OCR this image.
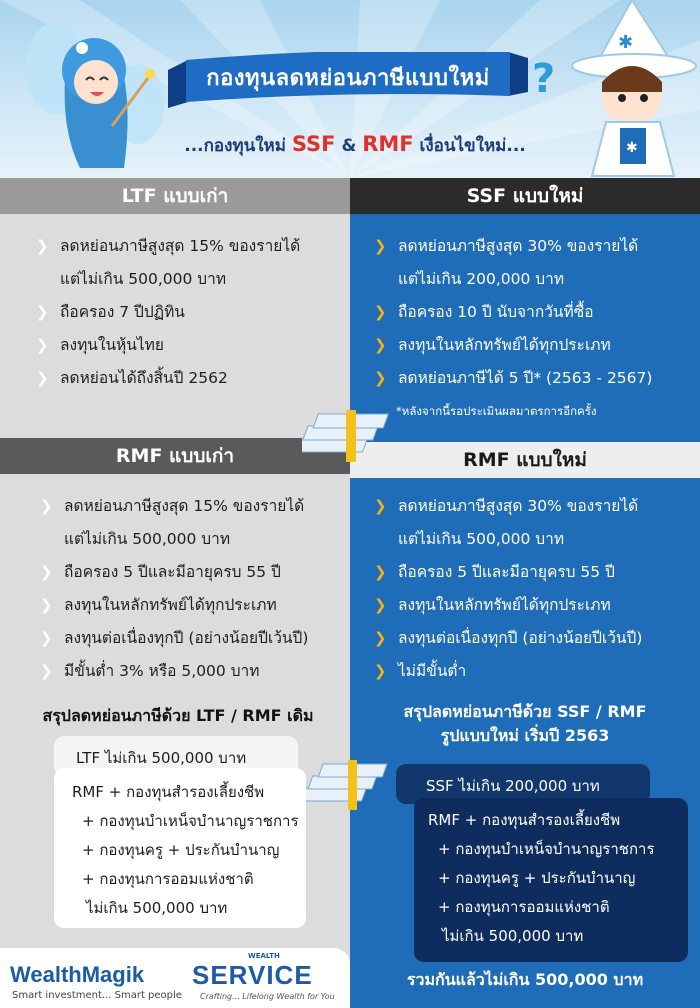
กองทุนลดหย่อนภาษีแบบใหม่	?
...กองทุนใหม่ SSF & RMF เงื่อนไขใหม่...
✱
✱
LTF แบบเก่า
❯ ลดหย่อนภาษีสูงสุด 15% ของรายได้
แต่ไม่เกิน 500,000 บาท
❯ ถือครอง 7 ปีปฏิทิน
❯ ลงทุนในหุ้นไทย
❯ ลดหย่อนได้ถึงสิ้นปี 2562
SSF แบบใหม่
❯ ลดหย่อนภาษีสูงสุด 30% ของรายได้
แต่ไม่เกิน 200,000 บาท
❯ ถือครอง 10 ปี นับจากวันที่ซื้อ
❯ ลงทุนในหลักทรัพย์ได้ทุกประเภท
❯ ลดหย่อนภาษีได้ 5 ปี* (2563 - 2567)
*หลังจากนี้รอประเมินผลมาตรการอีกครั้ง
RMF แบบเก่า	RMF แบบใหม่
❯ ลดหย่อนภาษีสูงสุด 15% ของรายได้
แต่ไม่เกิน 500,000 บาท
❯ ถือครอง 5 ปีและมีอายุครบ 55 ปี
❯ ลงทุนในหลักทรัพย์ได้ทุกประเภท
❯ ลงทุนต่อเนื่องทุกปี (อย่างน้อยปีเว้นปี)
❯ มีขั้นต่ำ 3% หรือ 5,000 บาท
❯ ลดหย่อนภาษีสูงสุด 30% ของรายได้
แต่ไม่เกิน 500,000 บาท
❯ ถือครอง 5 ปีและมีอายุครบ 55 ปี
❯ ลงทุนในหลักทรัพย์ได้ทุกประเภท
❯ ลงทุนต่อเนื่องทุกปี (อย่างน้อยปีเว้นปี)
❯ ไม่มีขั้นต่ำ
สรุปลดหย่อนภาษีด้วย LTF / RMF เดิม
LTF ไม่เกิน 500,000 บาท
RMF + กองทุนสำรองเลี้ยงชีพ
+ กองทุนบำเหน็จบำนาญราชการ
+ กองทุนครู + ประกันบำนาญ
+ กองทุนการออมแห่งชาติ
ไม่เกิน 500,000 บาท
สรุปลดหย่อนภาษีด้วย SSF / RMF
รูปแบบใหม่ เริ่มปี 2563
SSF ไม่เกิน 200,000 บาท
RMF + กองทุนสำรองเลี้ยงชีพ
+ กองทุนบำเหน็จบำนาญราชการ
+ กองทุนครู + ประกันบำนาญ
+ กองทุนการออมแห่งชาติ
ไม่เกิน 500,000 บาท
รวมกันแล้วไม่เกิน 500,000 บาท
WealthMagik
Smart investment... Smart people
WEALTH
SERVICE
Crafting... Lifelong Wealth for You
